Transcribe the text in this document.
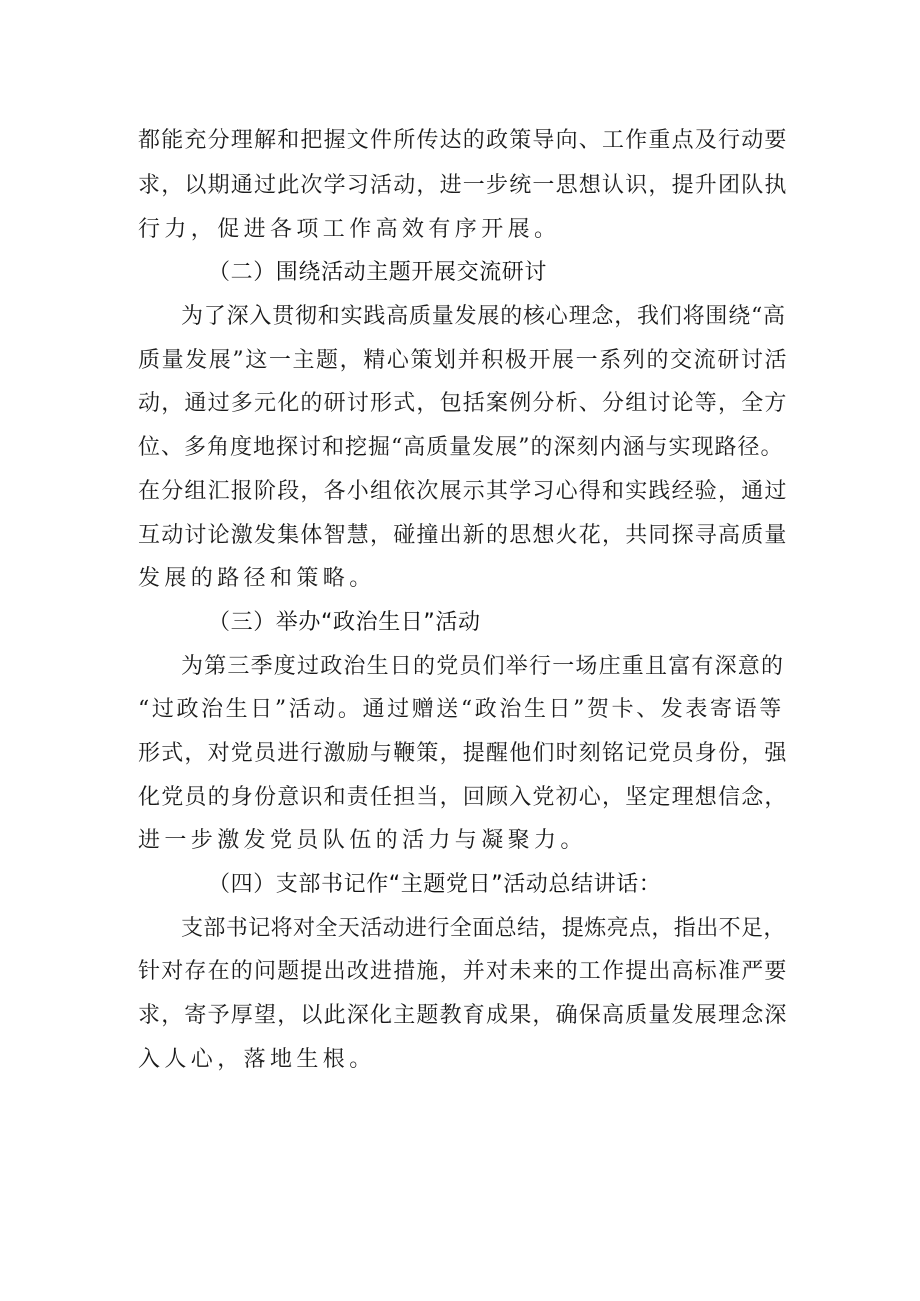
都能充分理解和把握文件所传达的政策导向、工作重点及行动要
求，以期通过此次学习活动，进一步统一思想认识，提升团队执
行力，促进各项工作高效有序开展。
（二）围绕活动主题开展交流研讨
为了深入贯彻和实践高质量发展的核心理念，我们将围绕“高
质量发展”这一主题，精心策划并积极开展一系列的交流研讨活
动，通过多元化的研讨形式，包括案例分析、分组讨论等，全方
位、多角度地探讨和挖掘“高质量发展”的深刻内涵与实现路径。
在分组汇报阶段，各小组依次展示其学习心得和实践经验，通过
互动讨论激发集体智慧，碰撞出新的思想火花，共同探寻高质量
发展的路径和策略。
（三）举办“政治生日”活动
为第三季度过政治生日的党员们举行一场庄重且富有深意的
“过政治生日”活动。通过赠送“政治生日”贺卡、发表寄语等
形式，对党员进行激励与鞭策，提醒他们时刻铭记党员身份，强
化党员的身份意识和责任担当，回顾入党初心，坚定理想信念，
进一步激发党员队伍的活力与凝聚力。
（四）支部书记作“主题党日”活动总结讲话：
支部书记将对全天活动进行全面总结，提炼亮点，指出不足，
针对存在的问题提出改进措施，并对未来的工作提出高标准严要
求，寄予厚望，以此深化主题教育成果，确保高质量发展理念深
入人心，落地生根。
